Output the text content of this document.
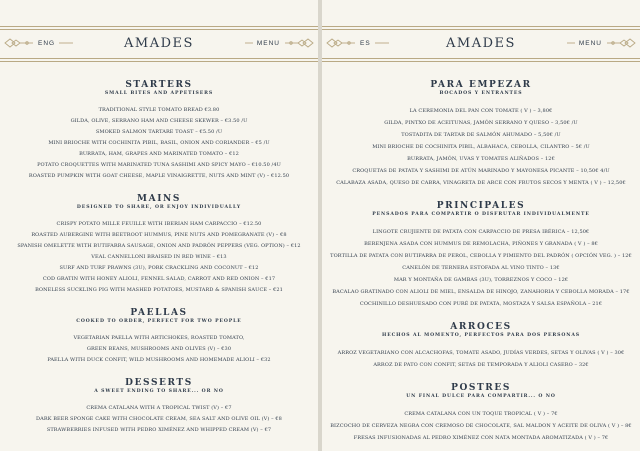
ENG	AMADES	MENU
STARTERS
SMALL BITES AND APPETISERS
TRADITIONAL STYLE TOMATO BREAD €3.80
GILDA, OLIVE, SERRANO HAM AND CHEESE SKEWER – €3.50 /U
SMOKED SALMON TARTARE TOAST – €5.50 /U
MINI BRIOCHE WITH COCHINITA PIBIL, BASIL, ONION AND CORIANDER – €5 /U
BURRATA, HAM, GRAPES AND MARINATED TOMATO – €12
POTATO CROQUETTES WITH MARINATED TUNA SASHIMI AND SPICY MAYO – €10.50 /4U
ROASTED PUMPKIN WITH GOAT CHEESE, MAPLE VINAIGRETTE, NUTS AND MINT (V) – €12.50
MAINS
DESIGNED TO SHARE, OR ENJOY INDIVIDUALLY
CRISPY POTATO MILLE FEUILLE WITH IBERIAN HAM CARPACCIO – €12.50
ROASTED AUBERGINE WITH BEETROOT HUMMUS, PINE NUTS AND POMEGRANATE (V) – €8
SPANISH OMELETTE WITH BUTIFARRA SAUSAGE, ONION AND PADRÓN PEPPERS (VEG. OPTION) – €12
VEAL CANNELLONI BRAISED IN RED WINE – €13
SURF AND TURF PRAWNS (3U), PORK CRACKLING AND COCONUT – €12
COD GRATIN WITH HONEY ALIOLI, FENNEL SALAD, CARROT AND RED ONION – €17
BONELESS SUCKLING PIG WITH MASHED POTATOES, MUSTARD & SPANISH SAUCE – €21
PAELLAS
COOKED TO ORDER, PERFECT FOR TWO PEOPLE
VEGETARIAN PAELLA WITH ARTICHOKES, ROASTED TOMATO,
GREEN BEANS, MUSHROOMS AND OLIVES (V) – €30
PAELLA WITH DUCK CONFIT, WILD MUSHROOMS AND HOMEMADE ALIOLI – €32
DESSERTS
A SWEET ENDING TO SHARE... OR NO
CREMA CATALANA WITH A TROPICAL TWIST (V) – €7
DARK BEER SPONGE CAKE WITH CHOCOLATE CREAM, SEA SALT AND OLIVE OIL (V) – €8
STRAWBERRIES INFUSED WITH PEDRO XIMÉNEZ AND WHIPPED CREAM (V) – €7
ES	AMADES	MENU
PARA EMPEZAR
BOCADOS Y ENTRANTES
LA CEREMONIA DEL PAN CON TOMATE ( V ) – 3,80€
GILDA, PINTXO DE ACEITUNAS, JAMÓN SERRANO Y QUESO – 3,50€ /U
TOSTADITA DE TARTAR DE SALMÓN AHUMADO – 5,50€ /U
MINI BRIOCHE DE COCHINITA PIBIL, ALBAHACA, CEBOLLA, CILANTRO – 5€ /U
BURRATA, JAMÓN, UVAS Y TOMATES ALIÑADOS – 12€
CROQUETAS DE PATATA Y SASHIMI DE ATÚN MARINADO Y MAYONESA PICANTE – 10,50€ 4/U
CALABAZA ASADA, QUESO DE CABRA, VINAGRETA DE ARCE CON FRUTOS SECOS Y MENTA ( V ) – 12,50€
PRINCIPALES
PENSADOS PARA COMPARTIR O DISFRUTAR INDIVIDUALMENTE
LINGOTE CRUJIENTE DE PATATA CON CARPACCIO DE PRESA IBÉRICA – 12,50€
BERENJENA ASADA CON HUMMUS DE REMOLACHA, PIÑONES Y GRANADA ( V ) – 8€
TORTILLA DE PATATA CON BUTIFARRA DE PEROL, CEBOLLA Y PIMIENTO DEL PADRÓN ( OPCIÓN VEG. ) – 12€
CANELÓN DE TERNERA ESTOFADA AL VINO TINTO – 13€
MAR Y MONTAÑA DE GAMBAS (3U), TORREZNOS Y COCO – 12€
BACALAO GRATINADO CON ALIOLI DE MIEL, ENSALDA DE HINOJO, ZANAHORIA Y CEBOLLA MORADA – 17€
COCHINILLO DESHUESADO CON PURÉ DE PATATA, MOSTAZA Y SALSA ESPAÑOLA – 21€
ARROCES
HECHOS AL MOMENTO, PERFECTOS PARA DOS PERSONAS
ARROZ VEGETARIANO CON ALCACHOFAS, TOMATE ASADO, JUDÍAS VERDES, SETAS Y OLIVAS ( V ) – 30€
ARROZ DE PATO CON CONFIT, SETAS DE TEMPORADA Y ALIOLI CASERO – 32€
POSTRES
UN FINAL DULCE PARA COMPARTIR... O NO
CREMA CATALANA CON UN TOQUE TROPICAL ( V ) – 7€
BIZCOCHO DE CERVEZA NEGRA CON CREMOSO DE CHOCOLATE, SAL MALDON Y ACEITE DE OLIVA ( V ) – 8€
FRESAS INFUSIONADAS AL PEDRO XIMÉNEZ CON NATA MONTADA AROMATIZADA ( V ) – 7€
